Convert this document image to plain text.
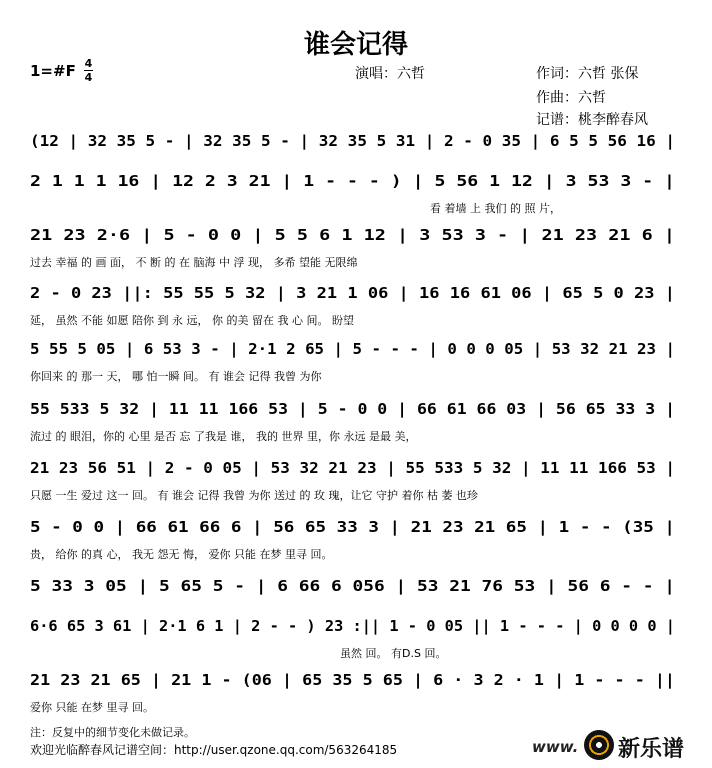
谁会记得
1=#F 4
4	演唱：六哲	作词：六哲 张保
作曲：六哲
记谱：桃李醉春风
(12 | 32 35 5 - | 32 35 5 - | 32 35 5 31 | 2 - 0 35 | 6 5 5 56 16 |
2 1 1 1 16 | 12 2 3 21 | 1 - - - ) | 5 56 1 12 | 3 53 3 - |
看 着墙 上 我们 的 照 片，
21 23 2·6 | 5 - 0 0 | 5 5 6 1 12 | 3 53 3 - | 21 23 21 6 |
过去 幸福 的 画 面， 不 断 的 在 脑海 中 浮 现， 多希 望能 无限绵
2 - 0 23 ||: 55 55 5 32 | 3 21 1 06 | 16 16 61 06 | 65 5 0 23 |
延， 虽然 不能 如愿 陪你 到 永 远， 你 的美 留在 我 心 间。 盼望
5 55 5 05 | 6 53 3 - | 2·1 2 65 | 5 - - - | 0 0 0 05 | 53 32 21 23 |
你回来 的 那一 天， 哪 怕一瞬 间。 有 谁会 记得 我曾 为你
55 533 5 32 | 11 11 166 53 | 5 - 0 0 | 66 61 66 03 | 56 65 33 3 |
流过 的 眼泪，你的 心里 是否 忘 了我是 谁， 我的 世界 里，你 永远 是最 美，
21 23 56 51 | 2 - 0 05 | 53 32 21 23 | 55 533 5 32 | 11 11 166 53 |
只愿 一生 爱过 这一 回。 有 谁会 记得 我曾 为你 送过 的 玫 瑰，让它 守护 着你 枯 萎 也珍
5 - 0 0 | 66 61 66 6 | 56 65 33 3 | 21 23 21 65 | 1 - - (35 |
贵， 给你 的真 心， 我无 怨无 悔， 爱你 只能 在梦 里寻 回。
5 33 3 05 | 5 65 5 - | 6 66 6 056 | 53 21 76 53 | 56 6 - - |
6·6 65 3 61 | 2·1 6 1 | 2 - - ) 23 :|| 1 - 0 05 || 1 - - - | 0 0 0 0 |
虽然 回。 有D.S 回。
21 23 21 65 | 21 1 - (06 | 65 35 5 65 | 6 · 3 2 · 1 | 1 - - - ||
爱你 只能 在梦 里寻 回。
注：反复中的细节变化未做记录。
欢迎光临醉春风记谱空间：http://user.qzone.qq.com/563264185	www. 新乐谱
